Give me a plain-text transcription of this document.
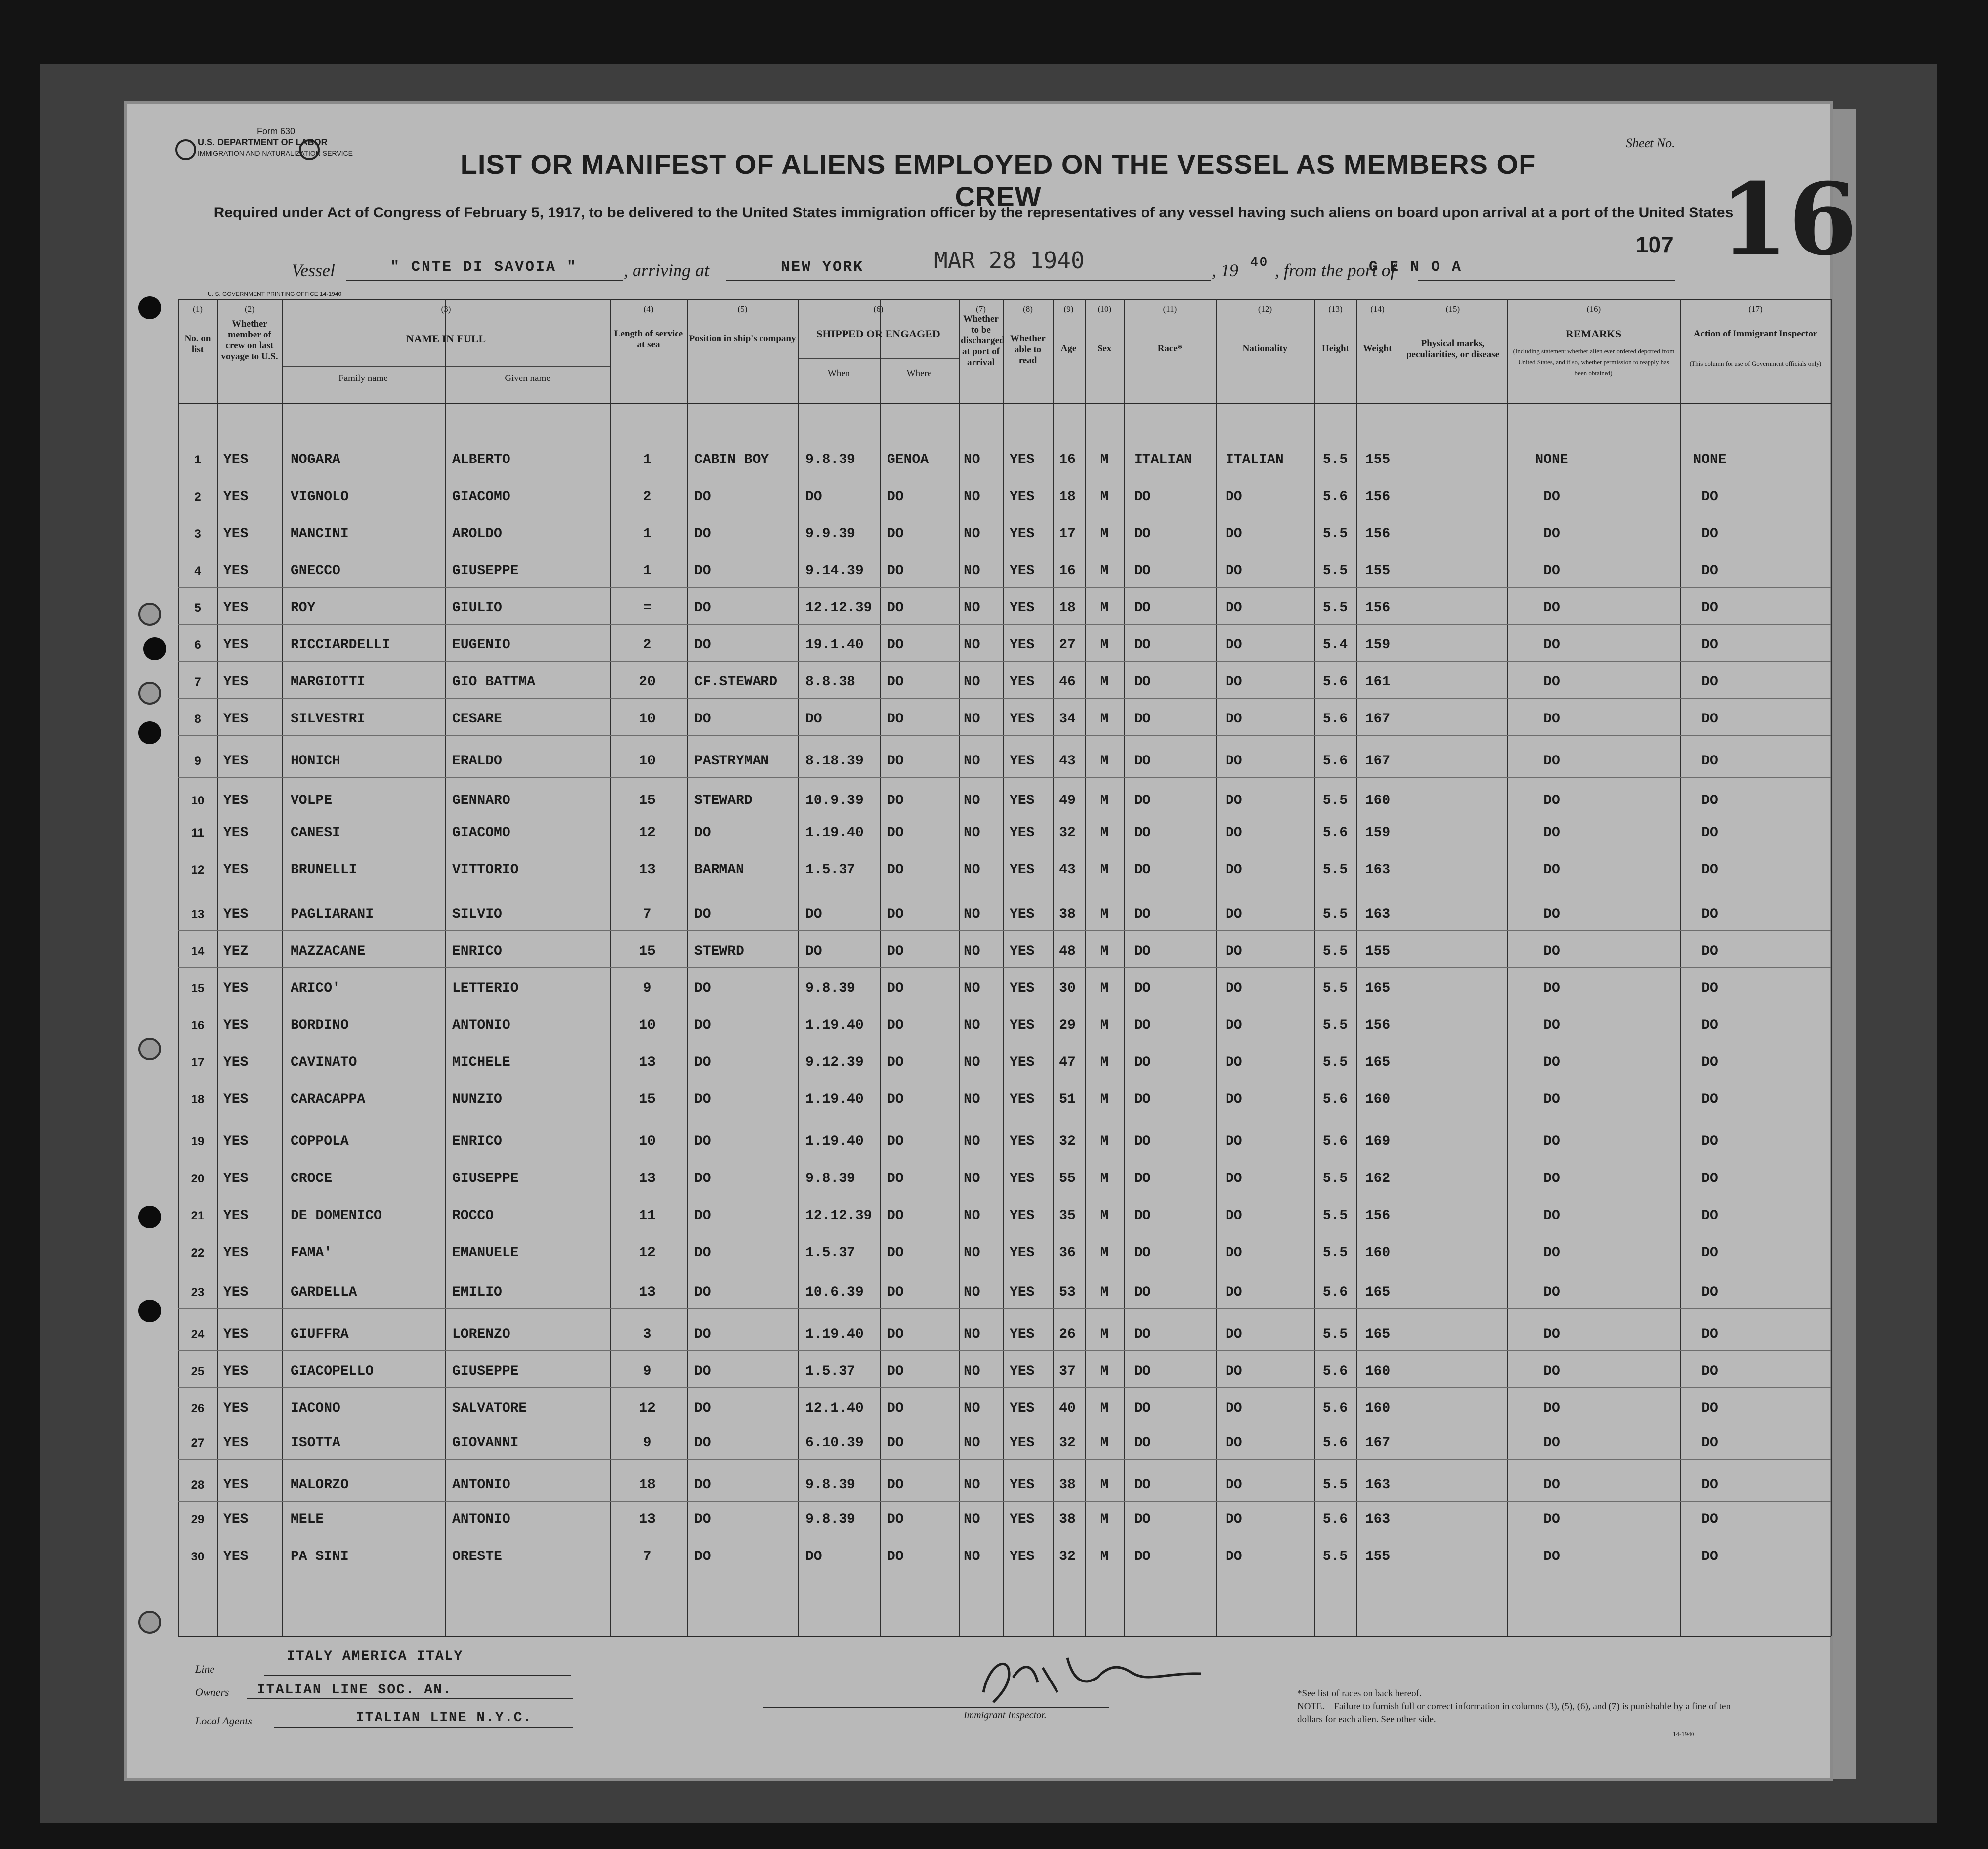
Form 630
U.S. DEPARTMENT OF LABOR
IMMIGRATION AND NATURALIZATION SERVICE
Sheet No.
16
107
LIST OR MANIFEST OF ALIENS EMPLOYED ON THE VESSEL AS MEMBERS OF CREW
Required under Act of Congress of February 5, 1917, to be delivered to the United States immigration officer by the representatives of any vessel having such aliens on board upon arrival at a port of the United States
Vessel	" CNTE DI SAVOIA "	, arriving at	NEW YORK	MAR 28 1940	, 19 40 , from the port of
G E N O A
U. S. GOVERNMENT PRINTING OFFICE 14-1940
(1)
No. on list
(2)
Whether member of crew on last voyage to U.S.
(3)
NAME IN FULL
(4)
Length of service at sea
(5)
Position in ship's company
(6)
SHIPPED OR ENGAGED
(7)
Whether to be discharged at port of arrival
(8)
Whether able to read
(9)
Age
(10)
Sex
(11)
Race*
(12)
Nationality
(13)
Height
(14)
Weight
(15)
Physical marks, peculiarities, or disease
(16)
REMARKS
(17)
Action of Immigrant Inspector
Family name	Given name	When	Where
(Including statement whether alien ever ordered deported from United States, and if so, whether permission to reapply has been obtained)
(This column for use of Government officials only)
1	YES	NOGARA	ALBERTO	1	CABIN BOY	9.8.39 GENOA	NO YES	16	M	ITALIAN ITALIAN	5.5	155	NONE	NONE
2	YES	VIGNOLO	GIACOMO	2	DO	DO	DO	NO YES	18	M	DO	DO	5.6	156	DO	DO
3	YES	MANCINI	AROLDO	1	DO	9.9.39 DO	NO YES	17	M	DO	DO	5.5	156	DO	DO
4	YES	GNECCO	GIUSEPPE	1	DO	9.14.39 DO	NO YES	16	M	DO	DO	5.5	155	DO	DO
5	YES	ROY	GIULIO	=	DO	12.12.39 DO	NO YES	18	M	DO	DO	5.5	156	DO	DO
6	YES	RICCIARDELLI	EUGENIO	2	DO	19.1.40 DO	NO YES	27	M	DO	DO	5.4	159	DO	DO
7	YES	MARGIOTTI	GIO BATTMA	20	CF.STEWARD 8.8.38 DO	NO YES	46	M	DO	DO	5.6	161	DO	DO
8	YES	SILVESTRI	CESARE	10	DO	DO	DO	NO YES	34	M	DO	DO	5.6	167	DO	DO
9	YES	HONICH	ERALDO	10	PASTRYMAN	8.18.39 DO	NO YES	43	M	DO	DO	5.6	167	DO	DO
10	YES	VOLPE	GENNARO	15	STEWARD	10.9.39 DO	NO YES	49	M	DO	DO	5.5	160	DO	DO
11	YES	CANESI	GIACOMO	12	DO	1.19.40 DO	NO YES	32	M	DO	DO	5.6	159	DO	DO
12	YES	BRUNELLI	VITTORIO	13	BARMAN	1.5.37 DO	NO YES	43	M	DO	DO	5.5	163	DO	DO
13	YES	PAGLIARANI	SILVIO	7	DO	DO	DO	NO YES	38	M	DO	DO	5.5	163	DO	DO
14	YEZ	MAZZACANE	ENRICO	15	STEWRD	DO	DO	NO YES	48	M	DO	DO	5.5	155	DO	DO
15	YES	ARICO'	LETTERIO	9	DO	9.8.39 DO	NO YES	30	M	DO	DO	5.5	165	DO	DO
16	YES	BORDINO	ANTONIO	10	DO	1.19.40 DO	NO YES	29	M	DO	DO	5.5	156	DO	DO
17	YES	CAVINATO	MICHELE	13	DO	9.12.39 DO	NO YES	47	M	DO	DO	5.5	165	DO	DO
18	YES	CARACAPPA	NUNZIO	15	DO	1.19.40 DO	NO YES	51	M	DO	DO	5.6	160	DO	DO
19	YES	COPPOLA	ENRICO	10	DO	1.19.40 DO	NO YES	32	M	DO	DO	5.6	169	DO	DO
20	YES	CROCE	GIUSEPPE	13	DO	9.8.39 DO	NO YES	55	M	DO	DO	5.5	162	DO	DO
21	YES	DE DOMENICO	ROCCO	11	DO	12.12.39 DO	NO YES	35	M	DO	DO	5.5	156	DO	DO
22	YES	FAMA'	EMANUELE	12	DO	1.5.37 DO	NO YES	36	M	DO	DO	5.5	160	DO	DO
23	YES	GARDELLA	EMILIO	13	DO	10.6.39 DO	NO YES	53	M	DO	DO	5.6	165	DO	DO
24	YES	GIUFFRA	LORENZO	3	DO	1.19.40 DO	NO YES	26	M	DO	DO	5.5	165	DO	DO
25	YES	GIACOPELLO	GIUSEPPE	9	DO	1.5.37 DO	NO YES	37	M	DO	DO	5.6	160	DO	DO
26	YES	IACONO	SALVATORE	12	DO	12.1.40 DO	NO YES	40	M	DO	DO	5.6	160	DO	DO
27	YES	ISOTTA	GIOVANNI	9	DO	6.10.39 DO	NO YES	32	M	DO	DO	5.6	167	DO	DO
28	YES	MALORZO	ANTONIO	18	DO	9.8.39 DO	NO YES	38	M	DO	DO	5.5	163	DO	DO
29	YES	MELE	ANTONIO	13	DO	9.8.39 DO	NO YES	38	M	DO	DO	5.6	163	DO	DO
30	YES	PA SINI	ORESTE	7	DO	DO	DO	NO YES	32	M	DO	DO	5.5	155	DO	DO
Line
ITALY AMERICA ITALY
Owners ITALIAN LINE SOC. AN.
Local Agents	ITALIAN LINE N.Y.C.	Immigrant Inspector.
*See list of races on back hereof.
NOTE.—Failure to furnish full or correct information in columns (3), (5), (6), and (7) is punishable by a fine of ten dollars for each alien. See other side.
14-1940
